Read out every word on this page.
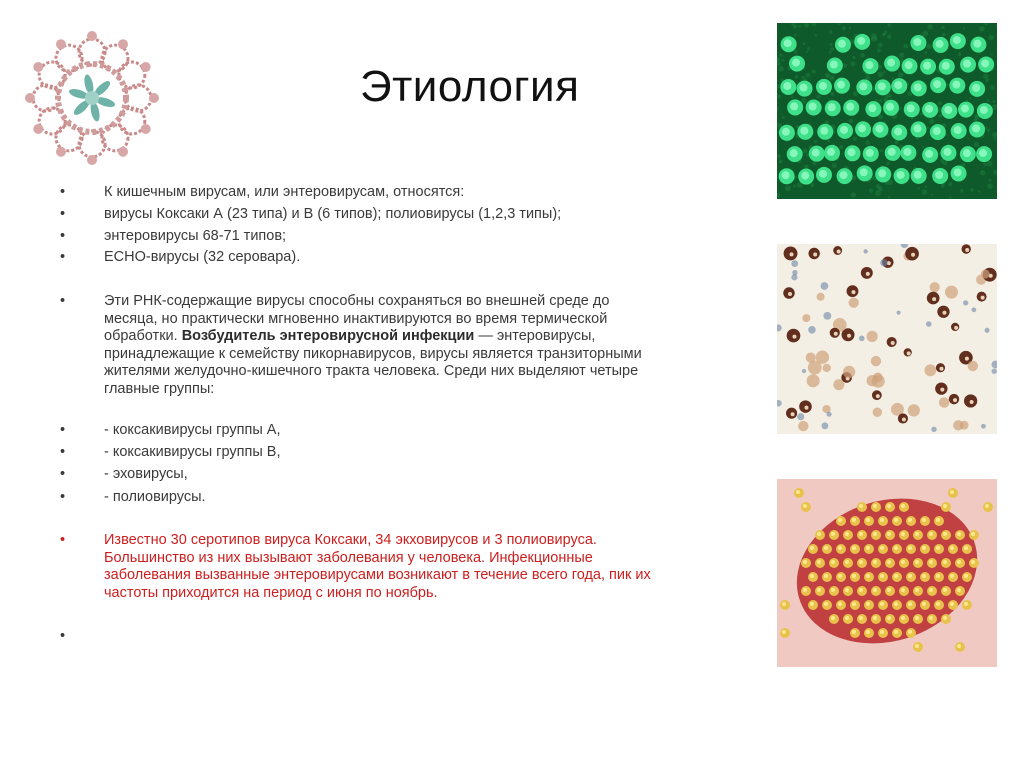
Этиология
•	К кишечным вирусам, или энтеровирусам, относятся:
•	вирусы Коксаки А (23 типа) и В (6 типов); полиовирусы (1,2,3 типы);
•	энтеровирусы 68-71 типов;
•	ЕСНО-вирусы (32 серовара).
•	Эти РНК-содержащие вирусы способны сохраняться во внешней среде до месяца, но практически мгновенно инактивируются во время термической обработки. Возбудитель энтеровирусной инфекции — энтеровирусы, принадлежащие к семейству пикорнавирусов, вирусы является транзиторными жителями желудочно-кишечного тракта человека. Среди них выделяют четыре главные группы:
•	- коксакивирусы группы А,
•	- коксакивирусы группы В,
•	- эховирусы,
•	- полиовирусы.
•	Известно 30 серотипов вируса Коксаки, 34 экховирусов и 3 полиовируса. Большинство из них вызывают заболевания у человека. Инфекционные заболевания вызванные энтеровирусами возникают в течение всего года, пик их частоты приходится на период с июня по ноябрь.
•
